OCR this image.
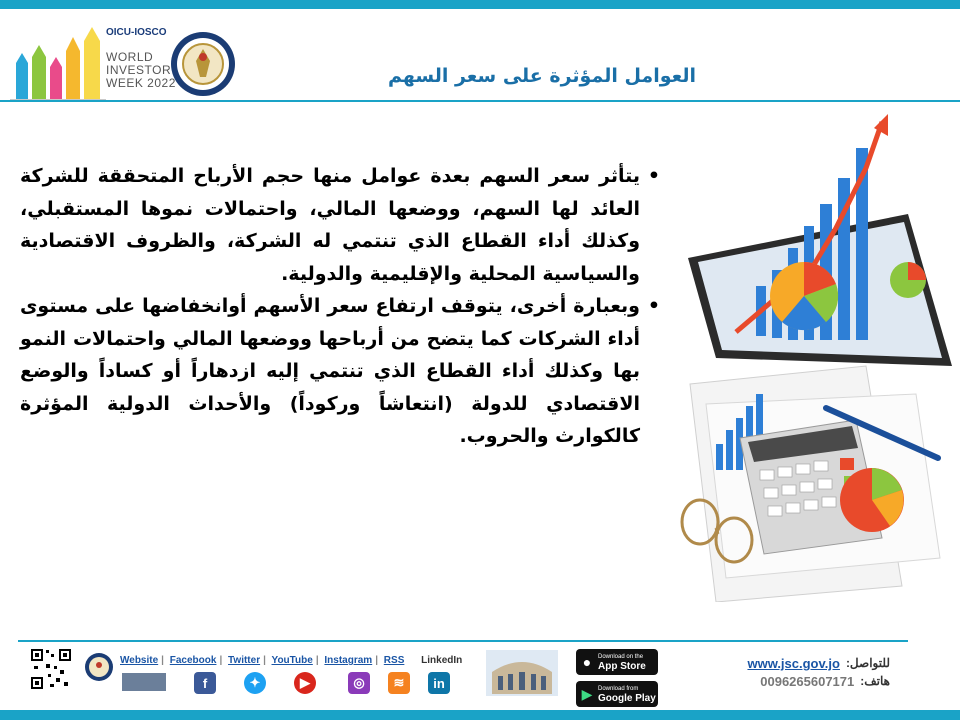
OICU-IOSCO
WORLD
INVESTOR
WEEK 2022	العوامل المؤثرة على سعر السهم
•
يتأثر سعر السهم بعدة عوامل منها حجم الأرباح المتحققة للشركة العائد لها السهم، ووضعها المالي، واحتمالات نموها المستقبلي، وكذلك أداء القطاع الذي تنتمي له الشركة، والظروف الاقتصادية والسياسية المحلية والإقليمية والدولية.
•
وبعبارة أخرى، يتوقف ارتفاع سعر الأسهم أوانخفاضها على مستوى أداء الشركات كما يتضح من أرباحها ووضعها المالي واحتمالات النمو بها وكذلك أداء القطاع الذي تنتمي إليه ازدهاراً أو كساداً والوضع الاقتصادي للدولة (انتعاشاً وركوداً) والأحداث الدولية المؤثرة كالكوارث والحروب.
Website | Facebook | Twitter | YouTube | Instagram | RSS LinkedIn
f	✦	▶	◎	≋	in
●	Download on the
App Store
▶ Download from
Google Play
للتواصل:
www.jsc.gov.jo
هاتف:
0096265607171
